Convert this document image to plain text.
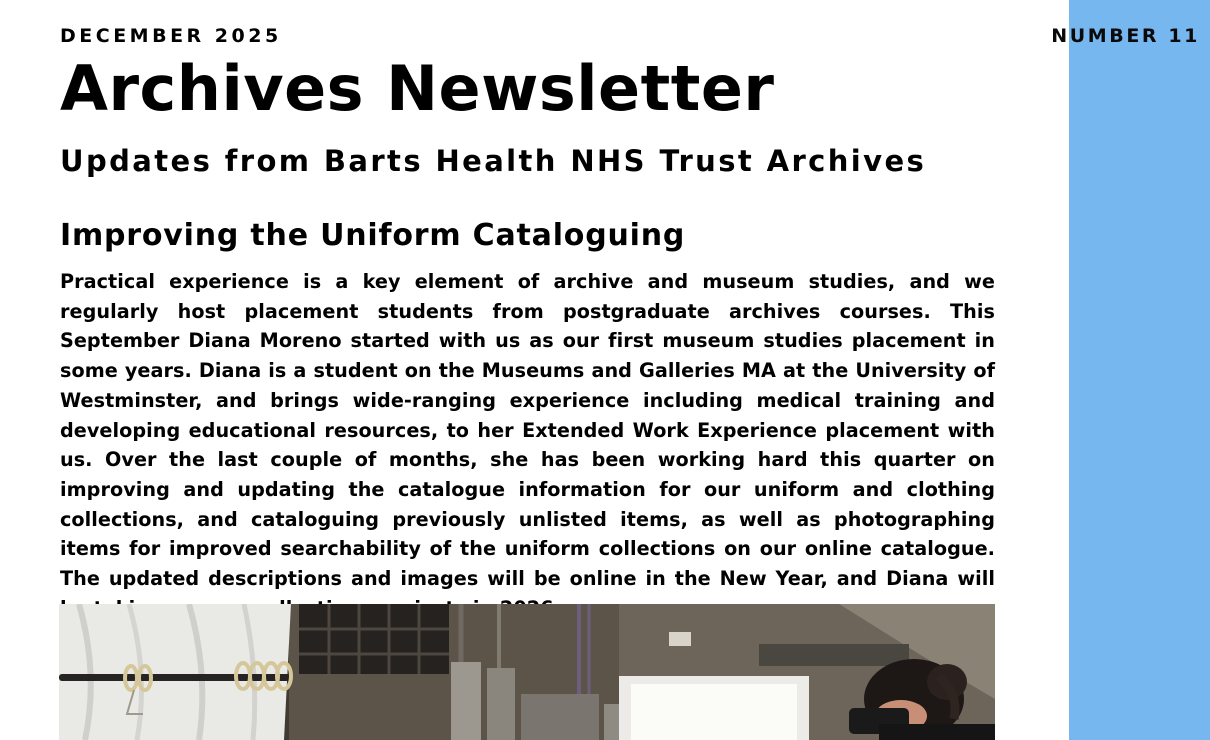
DECEMBER 2025
Archives Newsletter
Updates from Barts Health NHS Trust Archives
Improving the Uniform Cataloguing

Practical experience is a key element of archive and museum studies, and we regularly host placement students from postgraduate archives courses. This September Diana Moreno started with us as our first museum studies placement in some years. Diana is a student on the Museums and Galleries MA at the University of Westminster, and brings wide-ranging experience including medical training and developing educational resources, to her Extended Work Experience placement with us. Over the last couple of months, she has been working hard this quarter on improving and updating the catalogue information for our uniform and clothing collections, and cataloguing previously unlisted items, as well as photographing items for improved searchability of the uniform collections on our online catalogue. The updated descriptions and images will be online in the New Year, and Diana will

NUMBER 11
